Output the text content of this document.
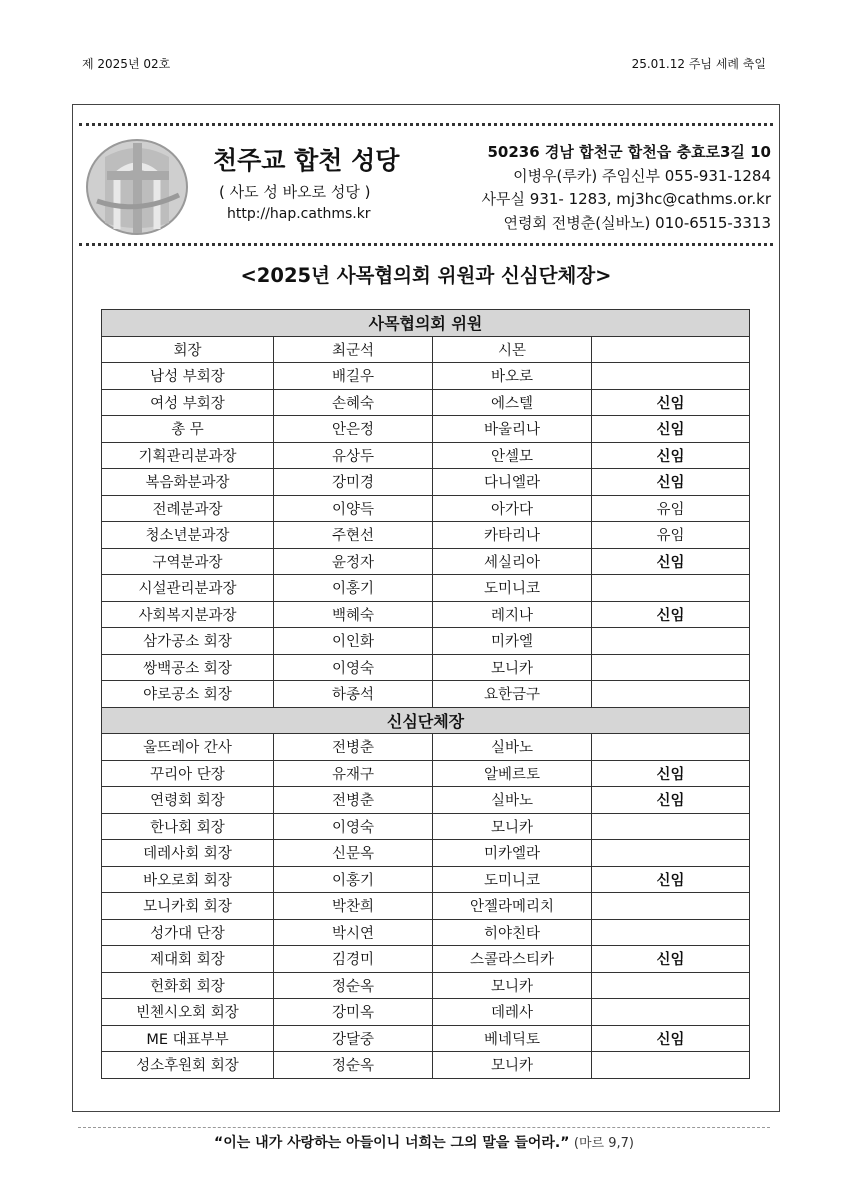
제 2025년 02호	25.01.12 주님 세례 축일
천주교 합천 성당
( 사도 성 바오로 성당 )
http://hap.cathms.kr
50236 경남 합천군 합천읍 충효로3길 10
이병우(루카) 주임신부 055-931-1284
사무실 931- 1283, mj3hc@cathms.or.kr
연령회 전병춘(실바노) 010-6515-3313
<2025년 사목협의회 위원과 신심단체장>
사목협의회 위원			
회장	최군석	시몬	
남성 부회장	배길우	바오로	
여성 부회장	손혜숙	에스텔	신임
총 무	안은정	바울리나	신임
기획관리분과장	유상두	안셀모	신임
복음화분과장	강미경	다니엘라	신임
전례분과장	이양득	아가다	유임
청소년분과장	주현선	카타리나	유임
구역분과장	윤정자	세실리아	신임
시설관리분과장	이홍기	도미니코	
사회복지분과장	백혜숙	레지나	신임
삼가공소 회장	이인화	미카엘	
쌍백공소 회장	이영숙	모니카	
야로공소 회장	하종석	요한금구	
신심단체장			
울뜨레아 간사	전병춘	실바노	
꾸리아 단장	유재구	알베르토	신임
연령회 회장	전병춘	실바노	신임
한나회 회장	이영숙	모니카	
데레사회 회장	신문옥	미카엘라	
바오로회 회장	이홍기	도미니코	신임
모니카회 회장	박찬희	안젤라메리치	
성가대 단장	박시연	히야친타	
제대회 회장	김경미	스콜라스티카	신임
헌화회 회장	정순옥	모니카	
빈첸시오회 회장	강미옥	데레사	
ME 대표부부	강달중	베네딕토	신임
성소후원회 회장	정순옥	모니카	
“이는 내가 사랑하는 아들이니 너희는 그의 말을 들어라.” (마르 9,7)
